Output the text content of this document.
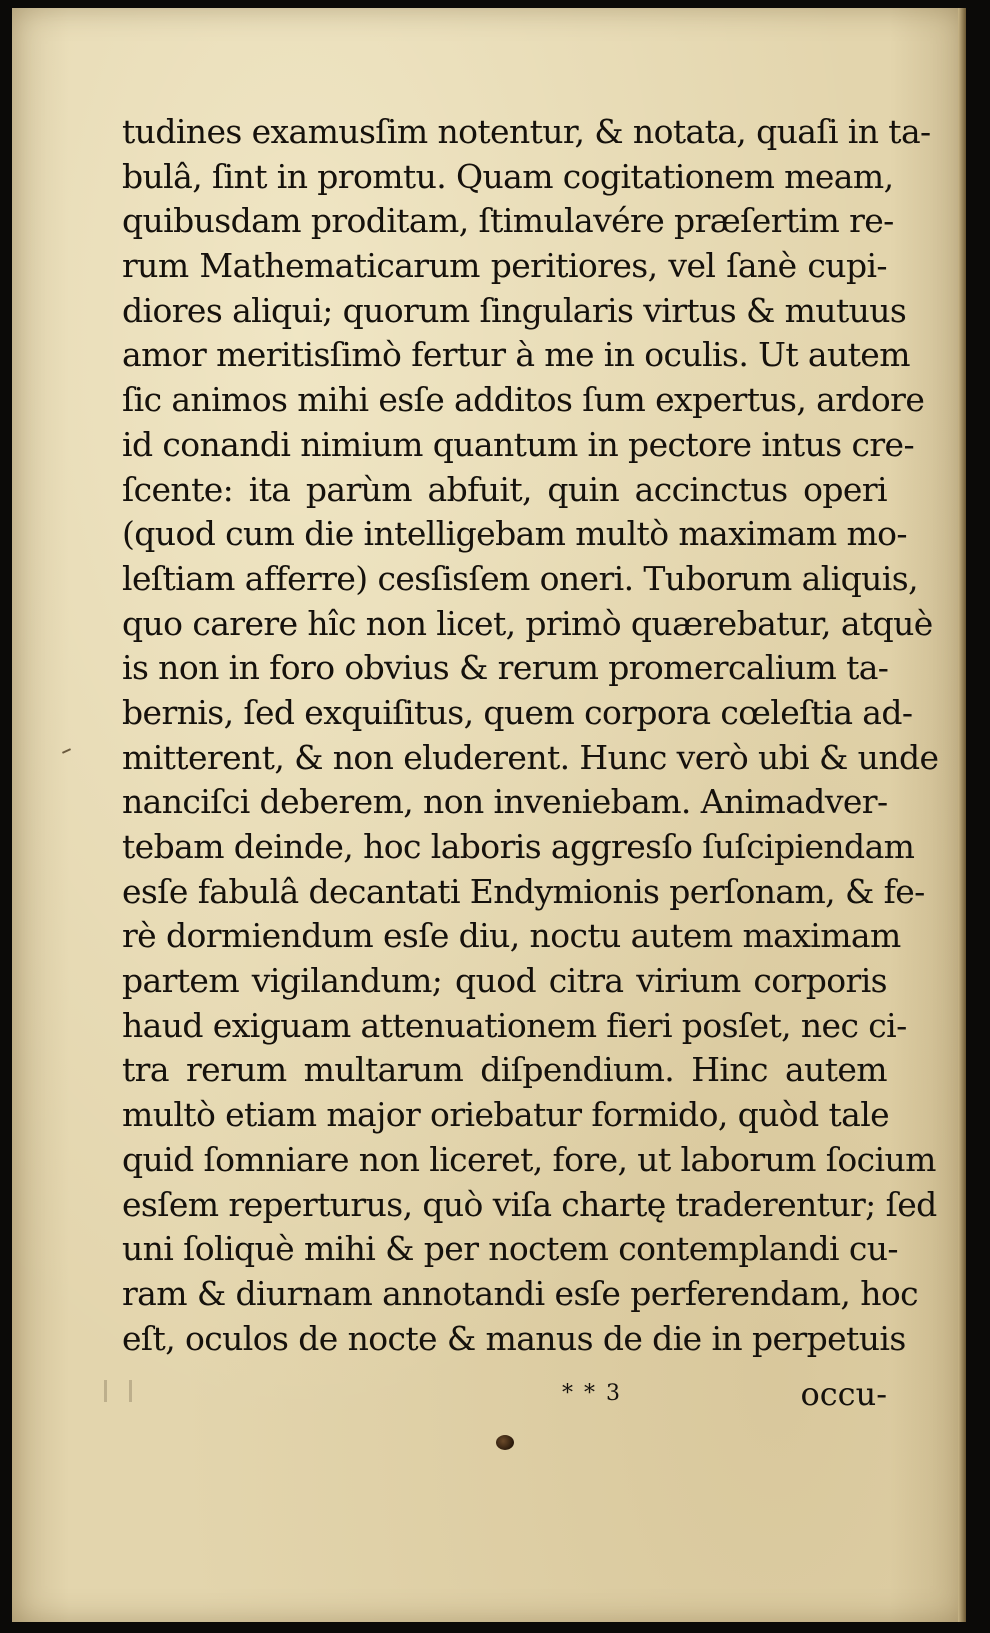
tudines examusſim notentur, & notata, quaſi in ta-
bulâ, ſint in promtu. Quam cogitationem meam,
quibusdam proditam, ſtimulavére præſertim re-
rum Mathematicarum peritiores, vel ſanè cupi-
diores aliqui; quorum ſingularis virtus & mutuus
amor meritisſimò fertur à me in oculis. Ut autem
ſic animos mihi esſe additos ſum expertus, ardore
id conandi nimium quantum in pectore intus cre-
ſcente: ita parùm abfuit, quin accinctus operi
(quod cum die intelligebam multò maximam mo-
leſtiam afferre) cesſisſem oneri. Tuborum aliquis,
quo carere hîc non licet, primò quærebatur, atquè
is non in foro obvius & rerum promercalium ta-
bernis, ſed exquiſitus, quem corpora cœleſtia ad-
mitterent, & non eluderent. Hunc verò ubi & unde
nanciſci deberem, non inveniebam. Animadver-
tebam deinde, hoc laboris aggresſo ſuſcipiendam
esſe fabulâ decantati Endymionis perſonam, & fe-
rè dormiendum esſe diu, noctu autem maximam
partem vigilandum; quod citra virium corporis
haud exiguam attenuationem fieri posſet, nec ci-
tra rerum multarum diſpendium. Hinc autem
multò etiam major oriebatur formido, quòd tale
quid ſomniare non liceret, fore, ut laborum ſocium
esſem reperturus, quò viſa chartę traderentur; ſed
uni ſoliquè mihi & per noctem contemplandi cu-
ram & diurnam annotandi esſe perferendam, hoc
eſt, oculos de nocte & manus de die in perpetuis
* * 3	occu-
